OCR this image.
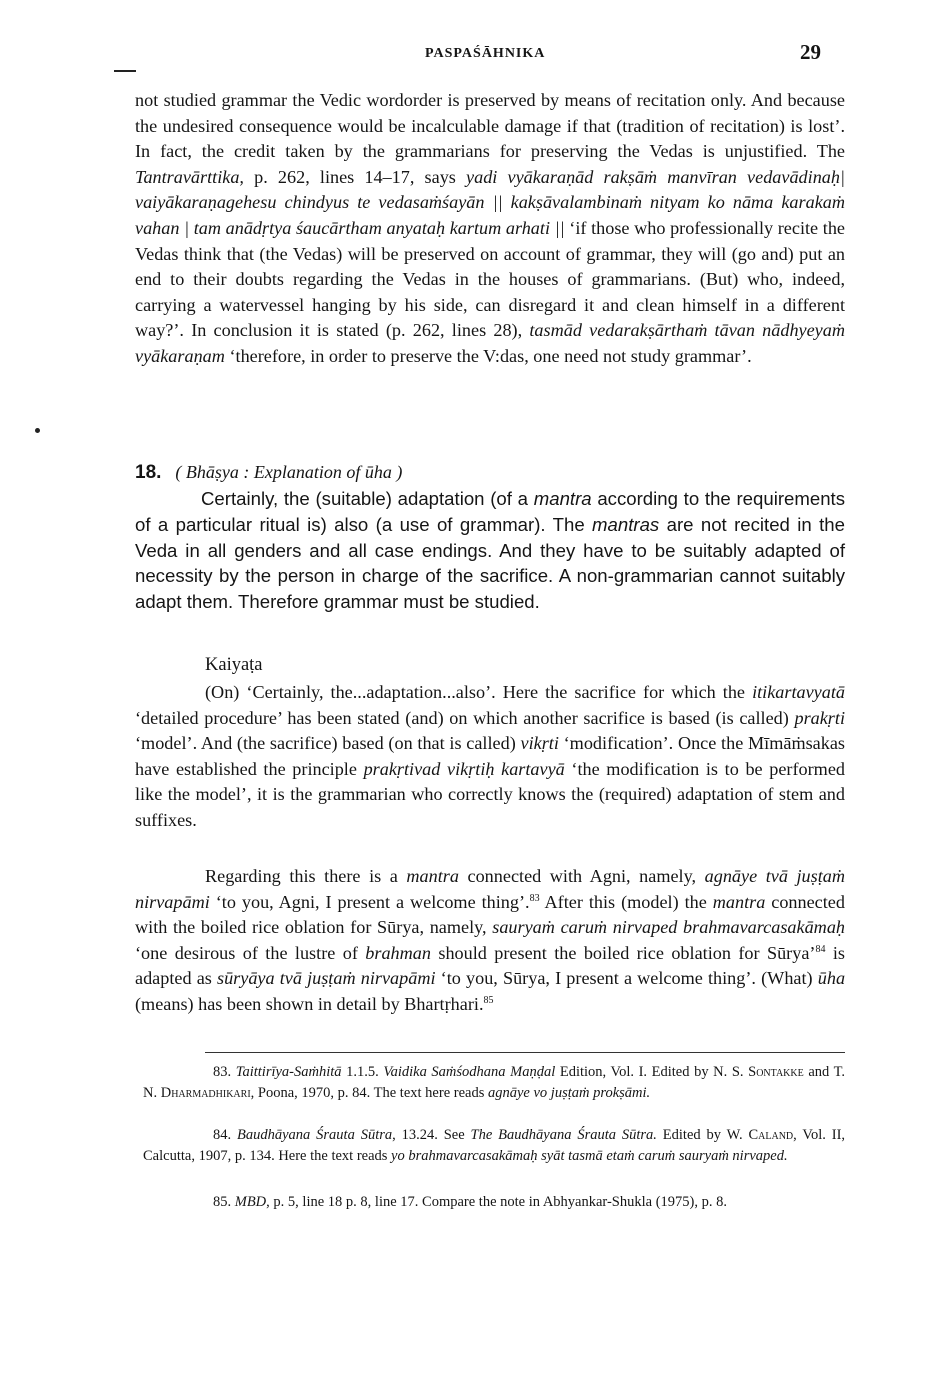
PASPAŚĀHNIKA	29

not studied grammar the Vedic wordorder is preserved by means of recitation only. And because the undesired consequence would be incalculable damage if that (tradition of recitation) is lost’. In fact, the credit taken by the grammarians for preserving the Vedas is unjustified. The Tantravārttika, p. 262, lines 14–17, says yadi vyākaraṇād rakṣāṁ manvīran vedavādinaḥ| vaiyākaraṇagehesu chindyus te vedasaṁśayān || kakṣāvalambinaṁ nityam ko nāma karakaṁ vahan | tam anādṛtya śaucārtham anyataḥ kartum arhati || ‘if those who professionally recite the Vedas think that (the Vedas) will be preserved on account of grammar, they will (go and) put an end to their doubts regarding the Vedas in the houses of grammarians. (But) who, indeed, carrying a watervessel hanging by his side, can disregard it and clean himself in a different way?’. In conclusion it is stated (p. 262, lines 28), tasmād vedarakṣārthaṁ tāvan nādhyeyaṁ vyākaraṇam ‘therefore, in order to preserve the V:das, one need not study grammar’.

18. ( Bhāṣya : Explanation of ūha )

Certainly, the (suitable) adaptation (of a mantra according to the requirements of a particular ritual is) also (a use of grammar). The mantras are not recited in the Veda in all genders and all case endings. And they have to be suitably adapted of necessity by the person in charge of the sacrifice. A non-grammarian cannot suitably adapt them. Therefore grammar must be studied.

Kaiyaṭa

(On) ‘Certainly, the...adaptation...also’. Here the sacrifice for which the itikartavyatā ‘detailed procedure’ has been stated (and) on which another sacrifice is based (is called) prakṛti ‘model’. And (the sacrifice) based (on that is called) vikṛti ‘modification’. Once the Mīmāṁsakas have established the principle prakṛtivad vikṛtiḥ kartavyā ‘the modification is to be performed like the model’, it is the grammarian who correctly knows the (required) adaptation of stem and suffixes.

Regarding this there is a mantra connected with Agni, namely, agnāye tvā juṣṭaṁ nirvapāmi ‘to you, Agni, I present a welcome thing’.$^{83}$ After this (model) the mantra connected with the boiled rice oblation for Sūrya, namely, sauryaṁ caruṁ nirvaped brahmavarcasakāmaḥ ‘one desirous of the lustre of brahman should present the boiled rice oblation for Sūrya’$^{84}$ is adapted as sūryāya tvā juṣṭaṁ nirvapāmi ‘to you, Sūrya, I present a welcome thing’. (What) ūha (means) has been shown in detail by Bhartṛhari.$^{85}$

83. Taittirīya-Saṁhitā 1.1.5. Vaidika Saṁśodhana Maṇḍal Edition, Vol. I. Edited by N. S. Sontakke and T. N. Dharmadhikari, Poona, 1970, p. 84. The text here reads agnāye vo juṣṭaṁ prokṣāmi.

84. Baudhāyana Śrauta Sūtra, 13.24. See The Baudhāyana Śrauta Sūtra. Edited by W. Caland, Vol. II, Calcutta, 1907, p. 134. Here the text reads yo brahmavarcasakāmaḥ syāt tasmā etaṁ caruṁ sauryaṁ nirvaped.

85. MBD, p. 5, line 18 p. 8, line 17. Compare the note in Abhyankar-Shukla (1975), p. 8.
